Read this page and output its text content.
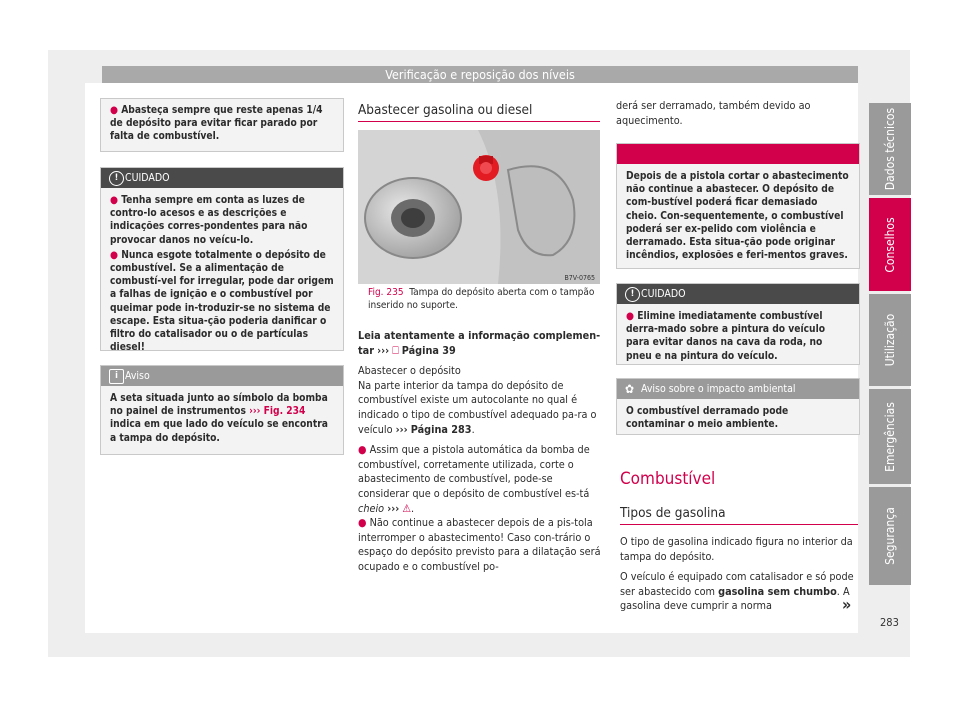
Verificação e reposição dos níveis
Dados técnicos
Conselhos
Utilização
Emergências
Segurança
283
● Abasteça sempre que reste apenas 1/4 de depósito para evitar ficar parado por falta de combustível.
! CUIDADO

● Tenha sempre em conta as luzes de contro-lo acesos e as descrições e indicações corres-pondentes para não provocar danos no veícu-lo.

● Nunca esgote totalmente o depósito de combustível. Se a alimentação de combustí-vel for irregular, pode dar origem a falhas de ignição e o combustível por queimar pode in-troduzir-se no sistema de escape. Esta situa-ção poderia danificar o filtro do catalisador ou o de partículas diesel!

i Aviso
A seta situada junto ao símbolo da bomba no painel de instrumentos ››› Fig. 234 indica em que lado do veículo se encontra a tampa do depósito.
Abastecer gasolina ou diesel
B7V-0765
Fig. 235 Tampa do depósito aberta com o tampão inserido no suporte.

Leia atentamente a informação complemen-tar ››› ⎕ Página 39

Abastecer o depósito

Na parte interior da tampa do depósito de combustível existe um autocolante no qual é indicado o tipo de combustível adequado pa-ra o veículo ››› Página 283.

● Assim que a pistola automática da bomba de combustível, corretamente utilizada, corte o abastecimento de combustível, pode-se considerar que o depósito de combustível es-tá cheio ››› ⚠.

● Não continue a abastecer depois de a pis-tola interromper o abastecimento! Caso con-trário o espaço do depósito previsto para a dilatação será ocupado e o combustível po-

derá ser derramado, também devido ao aquecimento.
⚠ ATENÇÃO
Depois de a pistola cortar o abastecimento não continue a abastecer. O depósito de com-bustível poderá ficar demasiado cheio. Con-sequentemente, o combustível poderá ser ex-pelido com violência e derramado. Esta situa-ção pode originar incêndios, explosões e feri-mentos graves.
! CUIDADO
● Elimine imediatamente combustível derra-mado sobre a pintura do veículo para evitar danos na cava da roda, no pneu e na pintura do veículo.
✿ Aviso sobre o impacto ambiental
O combustível derramado pode contaminar o meio ambiente.
Combustível
Tipos de gasolina

O tipo de gasolina indicado figura no interior da tampa do depósito.

O veículo é equipado com catalisador e só pode ser abastecido com gasolina sem chumbo. A gasolina deve cumprir a norma	»
